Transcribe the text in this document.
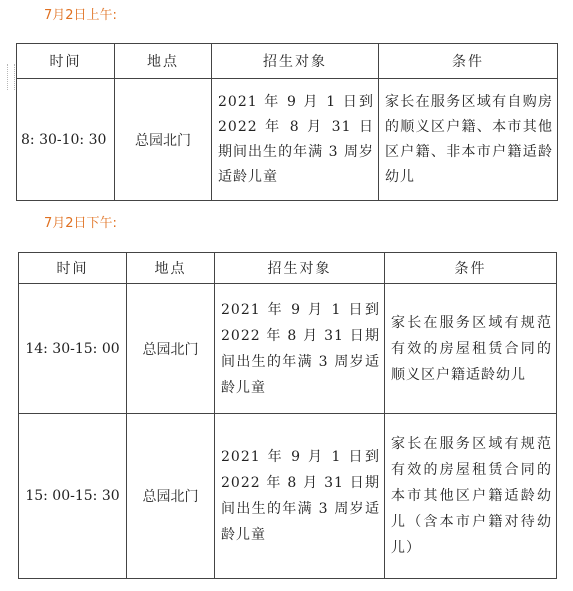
7月2日上午:
时间	地点	招生对象	条件
8: 30-10: 30	总园北门	2021 年 9 月 1 日到 2022 年 8 月 31 日期间出生的年满 3 周岁适龄儿童	家长在服务区域有自购房的顺义区户籍、本市其他区户籍、非本市户籍适龄幼儿
7月2日下午:
时间	地点	招生对象	条件
14: 30-15: 00	总园北门	2021 年 9 月 1 日到 2022 年 8 月 31 日期间出生的年满 3 周岁适龄儿童	家长在服务区域有规范有效的房屋租赁合同的顺义区户籍适龄幼儿

15: 00-15: 30	总园北门	2021 年 9 月 1 日到 2022 年 8 月 31 日期间出生的年满 3 周岁适龄儿童	家长在服务区域有规范有效的房屋租赁合同的本市其他区户籍适龄幼儿（含本市户籍对待幼儿）
